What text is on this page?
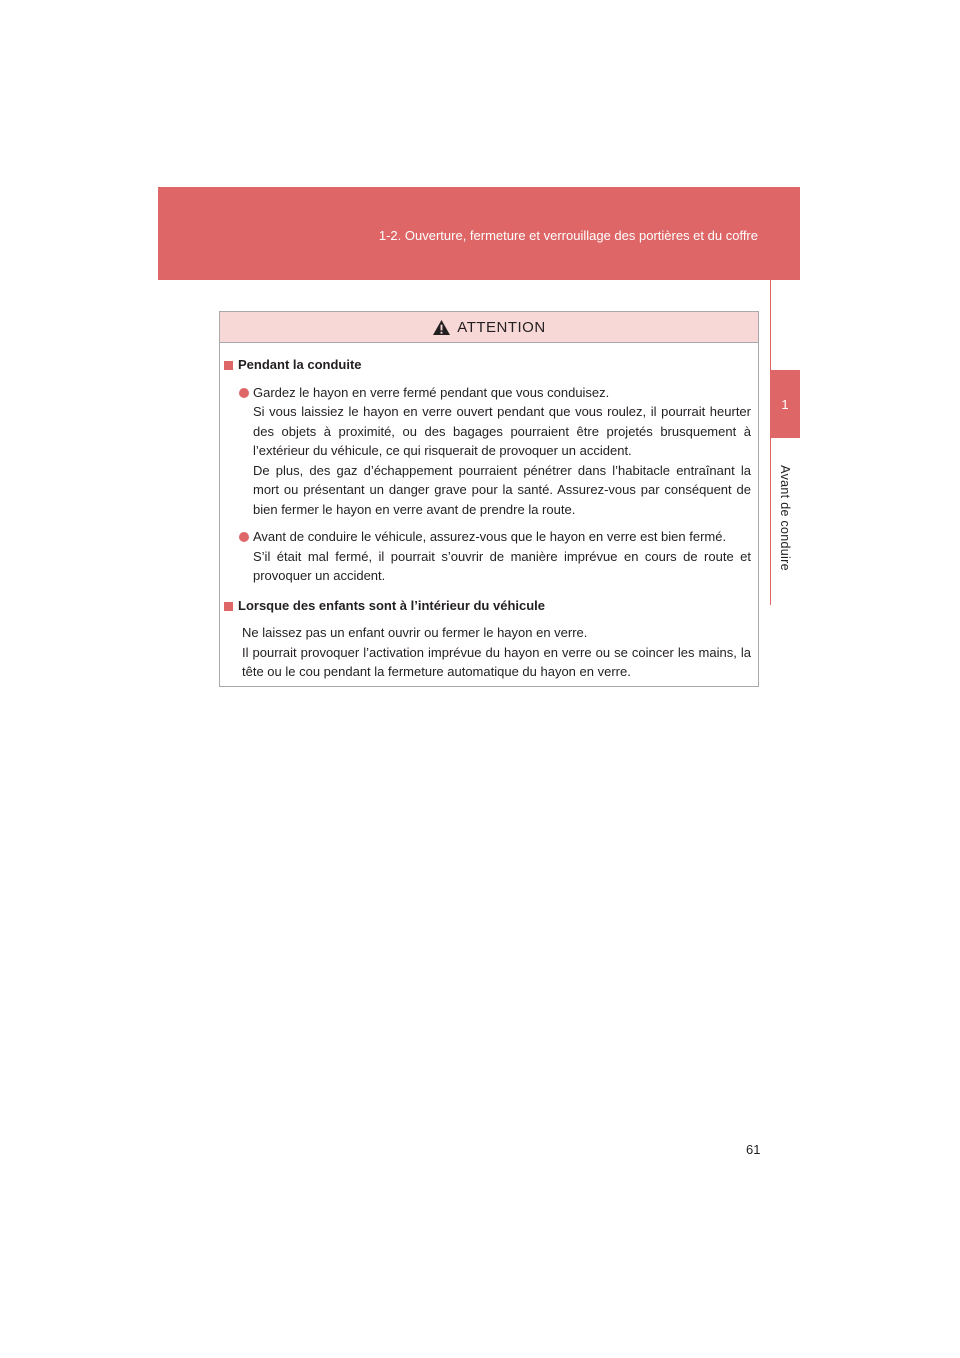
1-2. Ouverture, fermeture et verrouillage des portières et du coffre
1
Avant de conduire
ATTENTION
Pendant la conduite
Gardez le hayon en verre fermé pendant que vous conduisez.
Si vous laissiez le hayon en verre ouvert pendant que vous roulez, il pourrait heurter des objets à proximité, ou des bagages pourraient être projetés brusquement à l’extérieur du véhicule, ce qui risquerait de provoquer un accident.
De plus, des gaz d’échappement pourraient pénétrer dans l’habitacle entraînant la mort ou présentant un danger grave pour la santé. Assurez-vous par conséquent de bien fermer le hayon en verre avant de prendre la route.
Avant de conduire le véhicule, assurez-vous que le hayon en verre est bien fermé.
S’il était mal fermé, il pourrait s’ouvrir de manière imprévue en cours de route et provoquer un accident.
Lorsque des enfants sont à l’intérieur du véhicule
Ne laissez pas un enfant ouvrir ou fermer le hayon en verre.
Il pourrait provoquer l’activation imprévue du hayon en verre ou se coincer les mains, la tête ou le cou pendant la fermeture automatique du hayon en verre.
61
